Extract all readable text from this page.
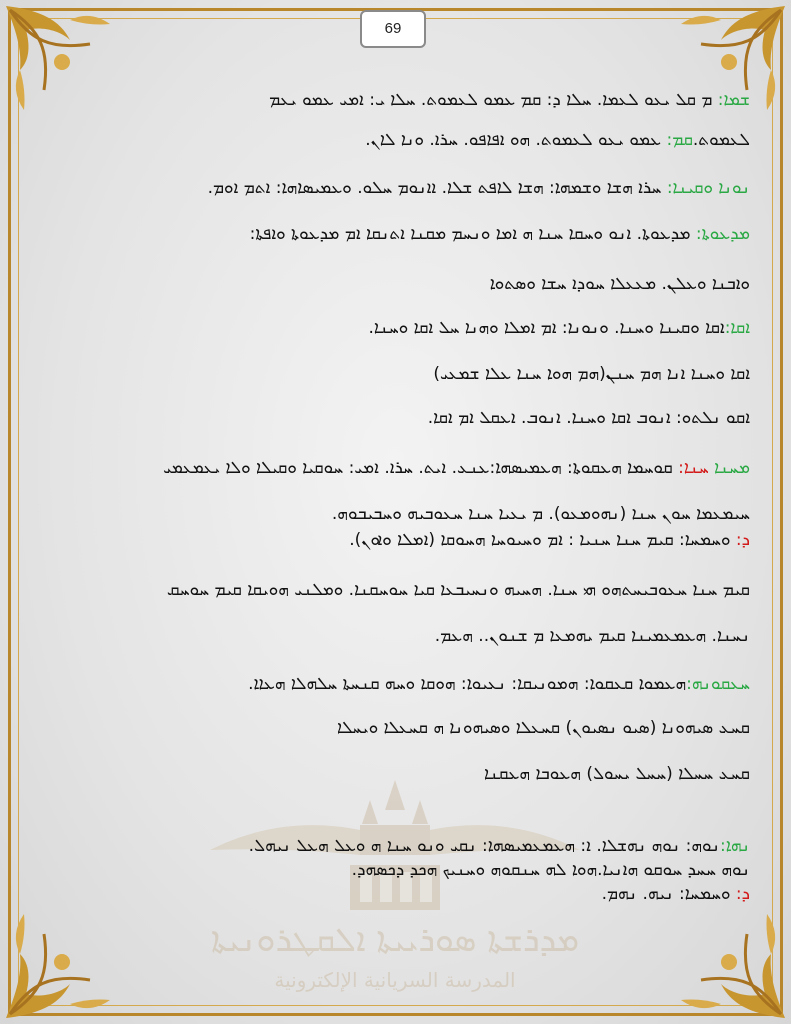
69
ܡܕܪܫܬܐ ܣܘܪܝܝܬܐ ܐܠܩܛܪܘܢܝܬܐ
المدرسة السريانية الإلكترونية
ܫܡܐ: ܡ ܩܠ ܝܥܘ ܠܥܡܐ. ܚܠܐ ܕ: ܩܡ ܥܡܘ ܠܥܡܘܬ. ܚܠܐ ܝ: ܐܡܝ ܥܡܘ ܝܥܡ
ܠܥܡܘܬ.ܩܡ: ܥܡܘ ܝܥܘ ܠܥܡܘܬ. ܗܘ ܐܦܐܦܘ. ܚܪܐ. ܘܢܐ ܠܐܢ.
ܢܘܢܐ ܘܩܝܢܐ: ܚܪܐ ܗܫܐ ܘܫܡܗܐ: ܗܫܐ ܠܐܦܬ ܫܠܐ. ܐܐܢܘܡ ܚܠܘ. ܘܥܡܝܣܐܗܐ: ܐܬܡ ܐܘܡ.
ܡܕܥܘܬܐ: ܡܕܥܘܬܐ. ܐܢܘ ܘܚܩܐ ܚܢܐ ܗ ܐܡܐ ܘܢܚܡ ܡܩܢܐ ܐܬܢܩܐ ܐܡ ܡܕܥܘܬܐ ܘܐܦܬܐ:
ܘܐܒܢܐ ܘܥܠܢ. ܡܥܥܠܐ ܚܘܕܐ ܚܫܐ ܘܣܬܘܐ
ܐܩܐ:ܐܩܐ ܘܩܝܢܐ ܘܚܢܐ. ܘܢܘܢܐ: ܐܡ ܐܡܠܐ ܘܗܢܐ ܚܠ ܐܩܐ ܘܚܢܐ.
ܐܩܐ ܘܚܢܐ ܐܢܐ ܗܡ ܚܢܢ(ܗܡ ܗܘܐ ܚܢܐ ܥܠܐ ܫܡܥܝ)
ܐܩܘ ܢܠܬܘ: ܐܢܘܒ ܐܩܐ ܘܚܢܐ. ܐܢܘܒ. ܐܥܩܠ ܐܡ ܐܩܐ.
ܡܚܢܐ ܚܢܐ: ܩܘܚܡܐ ܗܥܩܘܬܐ: ܗܥܡܝܣܗܐ:ܥܢܥ. ܐܝܬ. ܚܪܐ. ܐܡܝ: ܚܘܩܝܐ ܘܩܝܠܐ ܘܠܐ ܝܥܡܥܡܝ
ܚܝܡܥܡܐ ܚܘܢ ܚܢܐ (ܢܗܘܡܥܘ). ܡ ܝܥܝܐ ܚܢܐ ܚܥܘܒܝܗ ܘܚܒܝܒܘܗ.
ܕ: ܘܚܡܚܐ: ܩܝܡ ܚܢܐ ܚܢܝܐ : ܐܡ ܘܚܝܘܚܐ ܗܚܘܩܐ (ܐܡܠܐ ܘܐܘܢ).
ܩܝܡ ܚܢܐ ܚܥܘܒܝܚܬܗܘ ܗܝ ܚܢܐ. ܗܚܝܗ ܘܢܚܝܒܥܐ ܩܝܐ ܚܘܚܩܢܐ. ܘܡܠܢܝ ܗܘܝܩܐ ܩܝܡ ܚܘܚܩ
ܢܚܢܐ. ܗܥܡܥܡܝܢܐ ܩܝܡ ܝܗܡܥܐ ܡ ܫܢܘܢ.. ܗܥܡ.
ܚܥܩܘܢܗ:ܗܥܡܘܐ ܩܥܩܘܐ: ܗܡܘܢܝܩܐ: ܢܥܝܘܐ: ܗܘܩܐ ܘܚܗ ܩܢܚܬܐ ܚܠܗܠܐ ܗܥܐܐ.
ܩܚܥ ܣܝܗܘܢܐ (ܣܝܘ ܢܣܝܘܢ) ܩܚܥܠܐ ܘܣܝܗܘܢܐ ܗ ܩܚܥܠܐ ܘܝܚܠܐ
ܩܚܥ ܚܚܠܐ (ܚܚܠ ܝܚܘܠ) ܗܥܘܒܐ ܗܥܩܢܐ
ܢܗܐ:ܢܘܗ: ܢܘܗ ܢܗܫܠܐ. ܐ: ܗܥܡܥܡܝܣܗܐ: ܢܩܝ ܘܢܘ ܚܢܐ ܗ ܘܥܠ ܗܥܠ ܢܝܗܠ.
ܢܘܗ ܚܚܕ ܚܘܩܘ ܗܐܢܝܐ.ܗܘܐ ܠܗ ܚܢܩܘܗ ܘܚܢܝܟ ܗܟܕ ܕܟܣܗܕ.
ܕ: ܘܚܡܚܐ: ܢܝܗ. ܢܗܡ.
